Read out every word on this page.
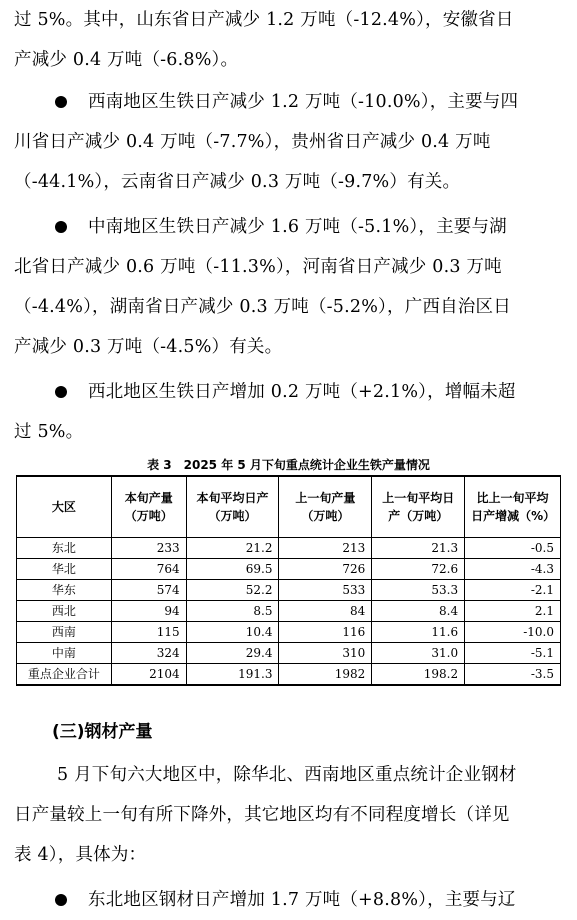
过 5%。其中，山东省日产减少 1.2 万吨（-12.4%），安徽省日
产减少 0.4 万吨（-6.8%）。
西南地区生铁日产减少 1.2 万吨（-10.0%），主要与四
川省日产减少 0.4 万吨（-7.7%），贵州省日产减少 0.4 万吨
（-44.1%），云南省日产减少 0.3 万吨（-9.7%）有关。
中南地区生铁日产减少 1.6 万吨（-5.1%），主要与湖
北省日产减少 0.6 万吨（-11.3%），河南省日产减少 0.3 万吨
（-4.4%），湖南省日产减少 0.3 万吨（-5.2%），广西自治区日
产减少 0.3 万吨（-4.5%）有关。
西北地区生铁日产增加 0.2 万吨（+2.1%），增幅未超
过 5%。
表 3　2025 年 5 月下旬重点统计企业生铁产量情况
大区	本旬产量（万吨）	本旬平均日产（万吨）	上一旬产量（万吨）	上一旬平均日产（万吨）	比上一旬平均日产增减（%）
东北	233	21.2	213	21.3	-0.5
华北	764	69.5	726	72.6	-4.3
华东	574	52.2	533	53.3	-2.1
西北	94	8.5	84	8.4	2.1
西南	115	10.4	116	11.6	-10.0
中南	324	29.4	310	31.0	-5.1
重点企业合计	2104	191.3	1982	198.2	-3.5
(三)钢材产量
5 月下旬六大地区中，除华北、西南地区重点统计企业钢材
日产量较上一旬有所下降外，其它地区均有不同程度增长（详见
表 4），具体为：
东北地区钢材日产增加 1.7 万吨（+8.8%），主要与辽
